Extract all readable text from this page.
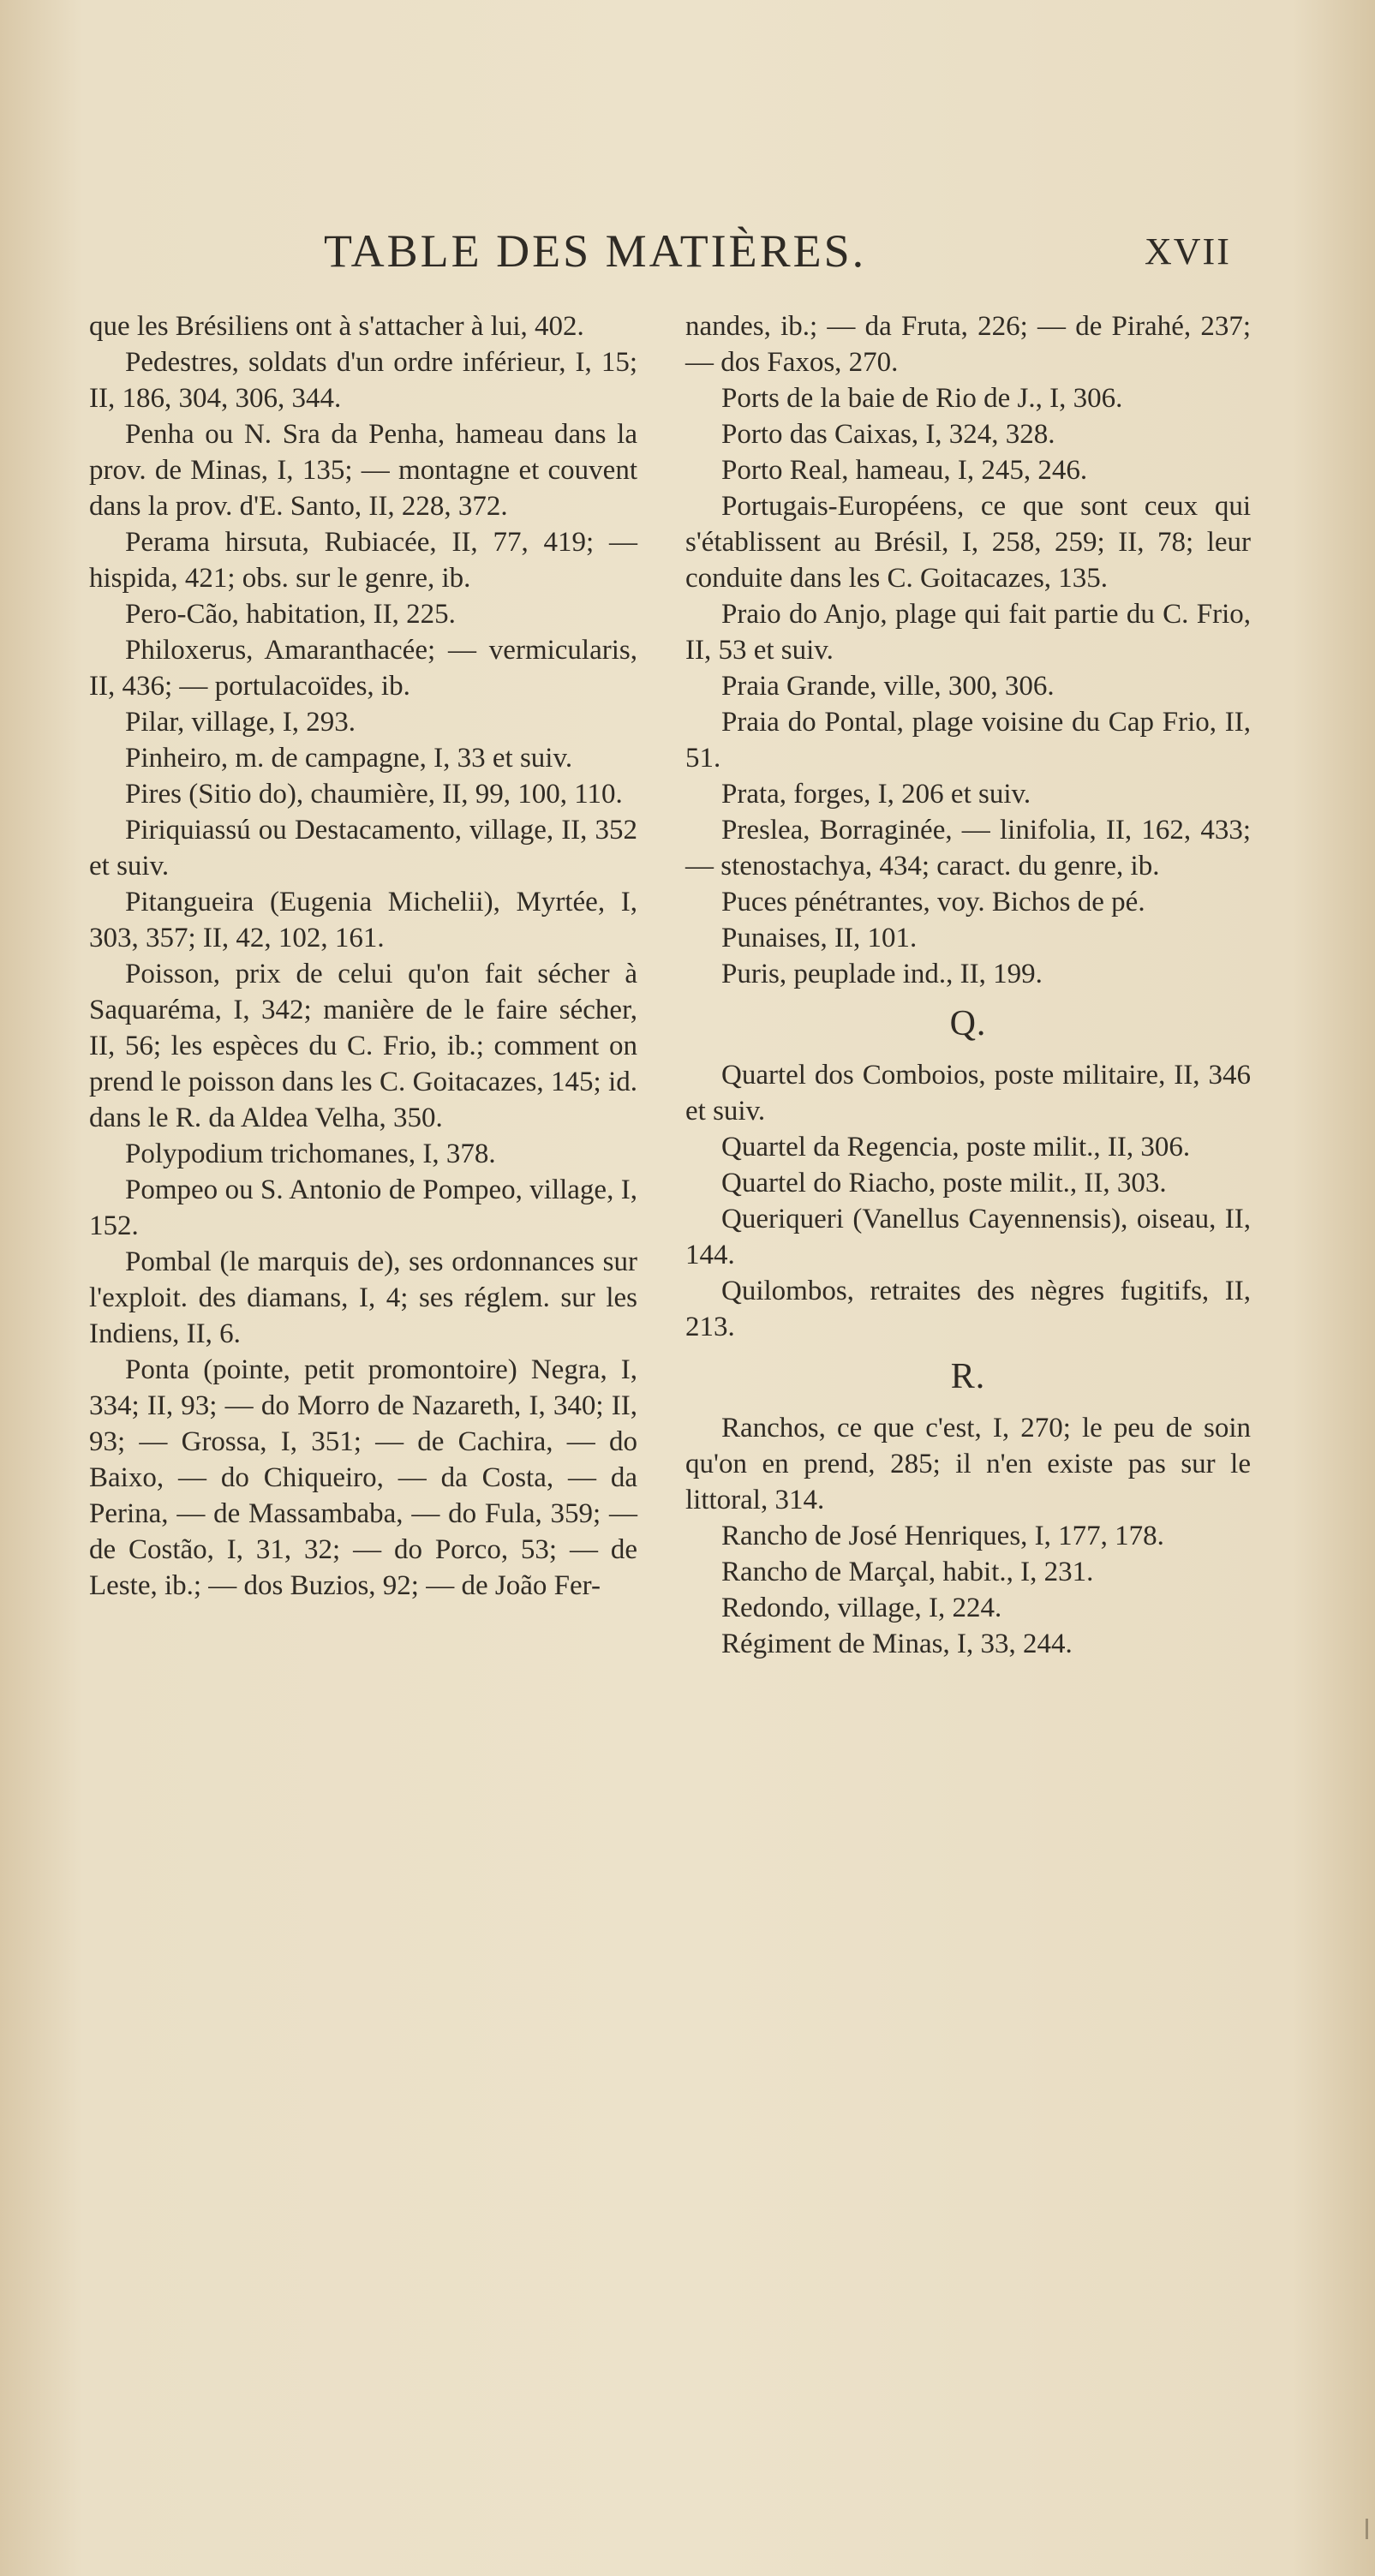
TABLE DES MATIÈRES.	XVII

que les Brésiliens ont à s'attacher à lui, 402.

Pedestres, soldats d'un ordre inférieur, I, 15; II, 186, 304, 306, 344.

Penha ou N. Sra da Penha, hameau dans la prov. de Minas, I, 135; — montagne et couvent dans la prov. d'E. Santo, II, 228, 372.

Perama hirsuta, Rubiacée, II, 77, 419; — hispida, 421; obs. sur le genre, ib.

Pero-Cão, habitation, II, 225.

Philoxerus, Amaranthacée; — vermicularis, II, 436; — portulacoïdes, ib.

Pilar, village, I, 293.

Pinheiro, m. de campagne, I, 33 et suiv.

Pires (Sitio do), chaumière, II, 99, 100, 110.

Piriquiassú ou Destacamento, village, II, 352 et suiv.

Pitangueira (Eugenia Michelii), Myrtée, I, 303, 357; II, 42, 102, 161.

Poisson, prix de celui qu'on fait sécher à Saquaréma, I, 342; manière de le faire sécher, II, 56; les espèces du C. Frio, ib.; comment on prend le poisson dans les C. Goitacazes, 145; id. dans le R. da Aldea Velha, 350.

Polypodium trichomanes, I, 378.

Pompeo ou S. Antonio de Pompeo, village, I, 152.

Pombal (le marquis de), ses ordonnances sur l'exploit. des diamans, I, 4; ses réglem. sur les Indiens, II, 6.

Ponta (pointe, petit promontoire) Negra, I, 334; II, 93; — do Morro de Nazareth, I, 340; II, 93; — Grossa, I, 351; — de Cachira, — do Baixo, — do Chiqueiro, — da Costa, — da Perina, — de Massambaba, — do Fula, 359; — de Costão, I, 31, 32; — do Porco, 53; — de Leste, ib.; — dos Buzios, 92; — de João Fer-

nandes, ib.; — da Fruta, 226; — de Pirahé, 237; — dos Faxos, 270.

Ports de la baie de Rio de J., I, 306.

Porto das Caixas, I, 324, 328.

Porto Real, hameau, I, 245, 246.

Portugais-Européens, ce que sont ceux qui s'établissent au Brésil, I, 258, 259; II, 78; leur conduite dans les C. Goitacazes, 135.

Praio do Anjo, plage qui fait partie du C. Frio, II, 53 et suiv.

Praia Grande, ville, 300, 306.

Praia do Pontal, plage voisine du Cap Frio, II, 51.

Prata, forges, I, 206 et suiv.

Preslea, Borraginée, — linifolia, II, 162, 433; — stenostachya, 434; caract. du genre, ib.

Puces pénétrantes, voy. Bichos de pé.

Punaises, II, 101.

Puris, peuplade ind., II, 199.

Q.

Quartel dos Comboios, poste militaire, II, 346 et suiv.

Quartel da Regencia, poste milit., II, 306.

Quartel do Riacho, poste milit., II, 303.

Queriqueri (Vanellus Cayennensis), oiseau, II, 144.

Quilombos, retraites des nègres fugitifs, II, 213.

R.

Ranchos, ce que c'est, I, 270; le peu de soin qu'on en prend, 285; il n'en existe pas sur le littoral, 314.

Rancho de José Henriques, I, 177, 178.

Rancho de Marçal, habit., I, 231.

Redondo, village, I, 224.

Régiment de Minas, I, 33, 244.
